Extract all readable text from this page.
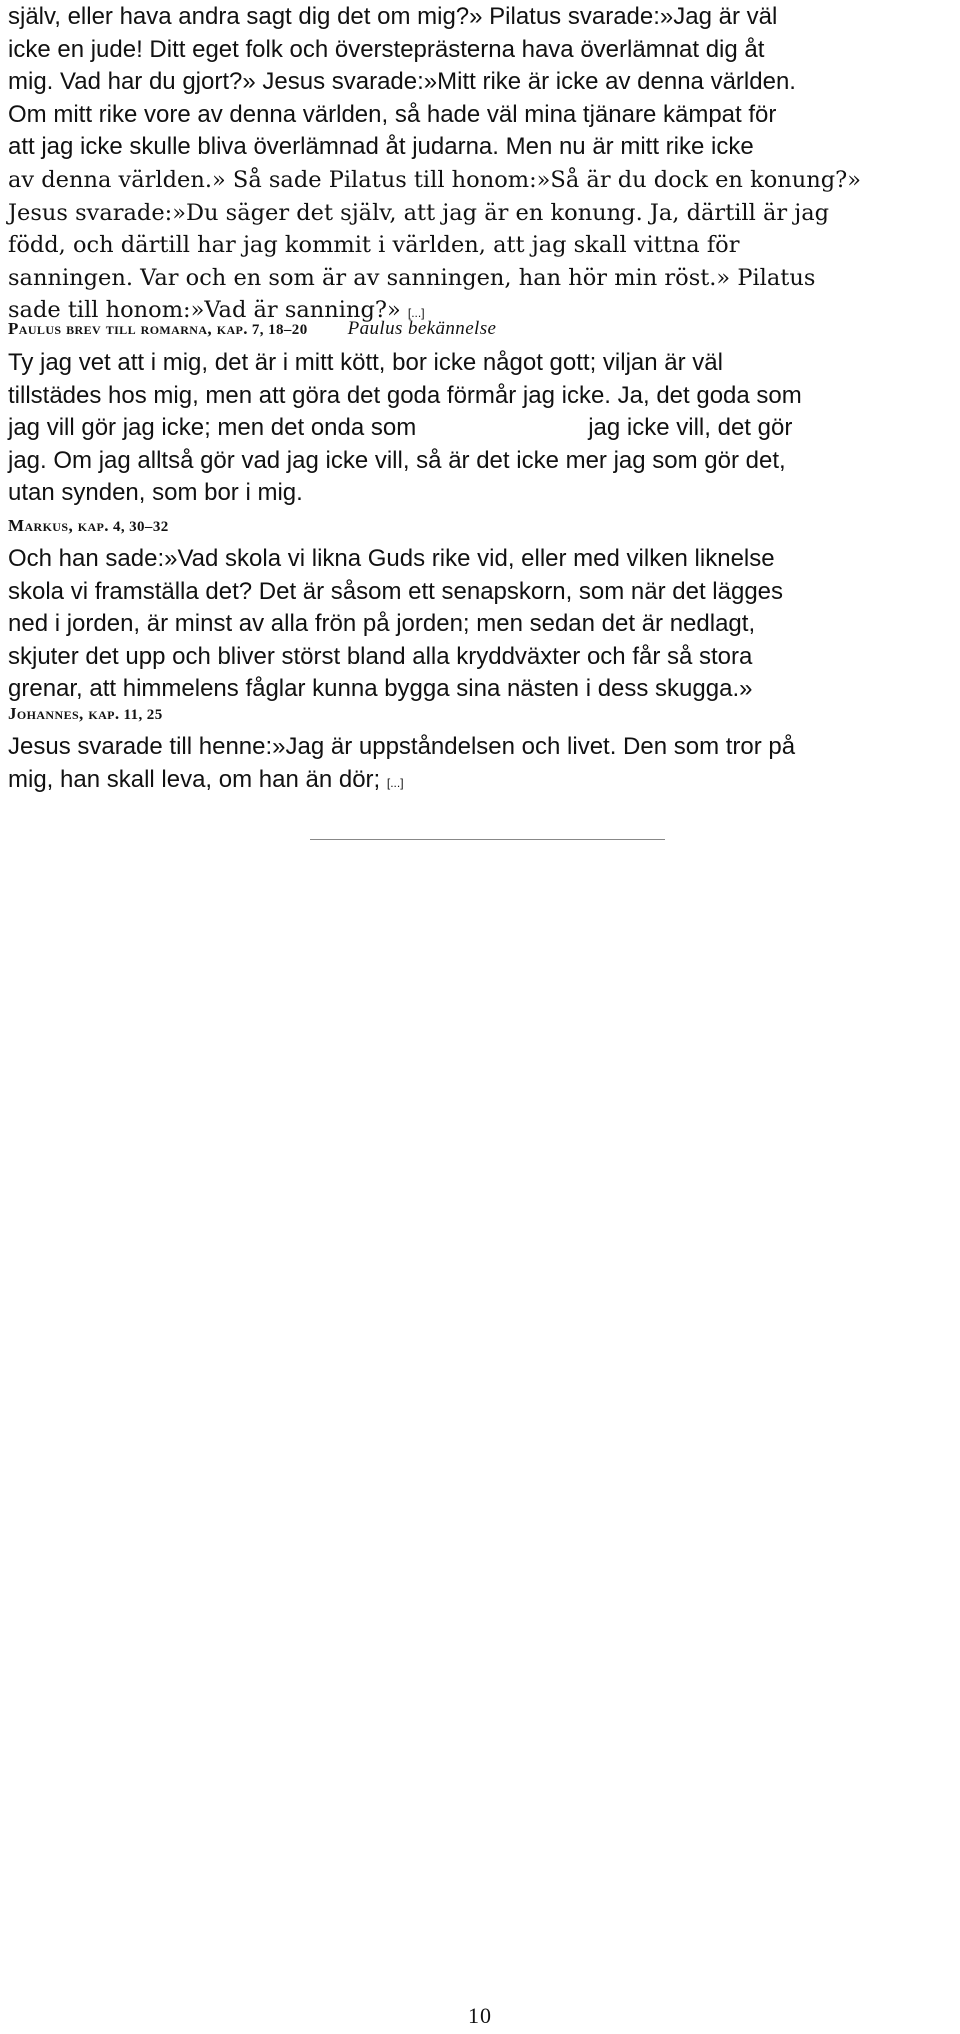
själv, eller hava andra sagt dig det om mig?» Pilatus svarade:»Jag är väl

icke en jude! Ditt eget folk och översteprästerna hava överlämnat dig åt

mig. Vad har du gjort?» Jesus svarade:»Mitt rike är icke av denna världen.

Om mitt rike vore av denna världen, så hade väl mina tjänare kämpat för

att jag icke skulle bliva överlämnad åt judarna. Men nu är mitt rike icke

av denna världen.» Så sade Pilatus till honom:»Så är du dock en konung?»

Jesus svarade:»Du säger det själv, att jag är en konung. Ja, därtill är jag

född, och därtill har jag kommit i världen, att jag skall vittna för

sanningen. Var och en som är av sanningen, han hör min röst.» Pilatus

sade till honom:»Vad är sanning?» [...]

Paulus brev till romarna, kap. 7, 18–20 Paulus bekännelse

Ty jag vet att i mig, det är i mitt kött, bor icke något gott; viljan är väl

tillstädes hos mig, men att göra det goda förmår jag icke. Ja, det goda som

jag vill gör jag icke; men det onda som	jag icke vill, det gör

jag. Om jag alltså gör vad jag icke vill, så är det icke mer jag som gör det,

utan synden, som bor i mig.

Markus, kap. 4, 30–32

Och han sade:»Vad skola vi likna Guds rike vid, eller med vilken liknelse

skola vi framställa det? Det är såsom ett senapskorn, som när det lägges

ned i jorden, är minst av alla frön på jorden; men sedan det är nedlagt,

skjuter det upp och bliver störst bland alla kryddväxter och får så stora

grenar, att himmelens fåglar kunna bygga sina nästen i dess skugga.»

Johannes, kap. 11, 25

Jesus svarade till henne:»Jag är uppståndelsen och livet. Den som tror på

mig, han skall leva, om han än dör; [...]

10
